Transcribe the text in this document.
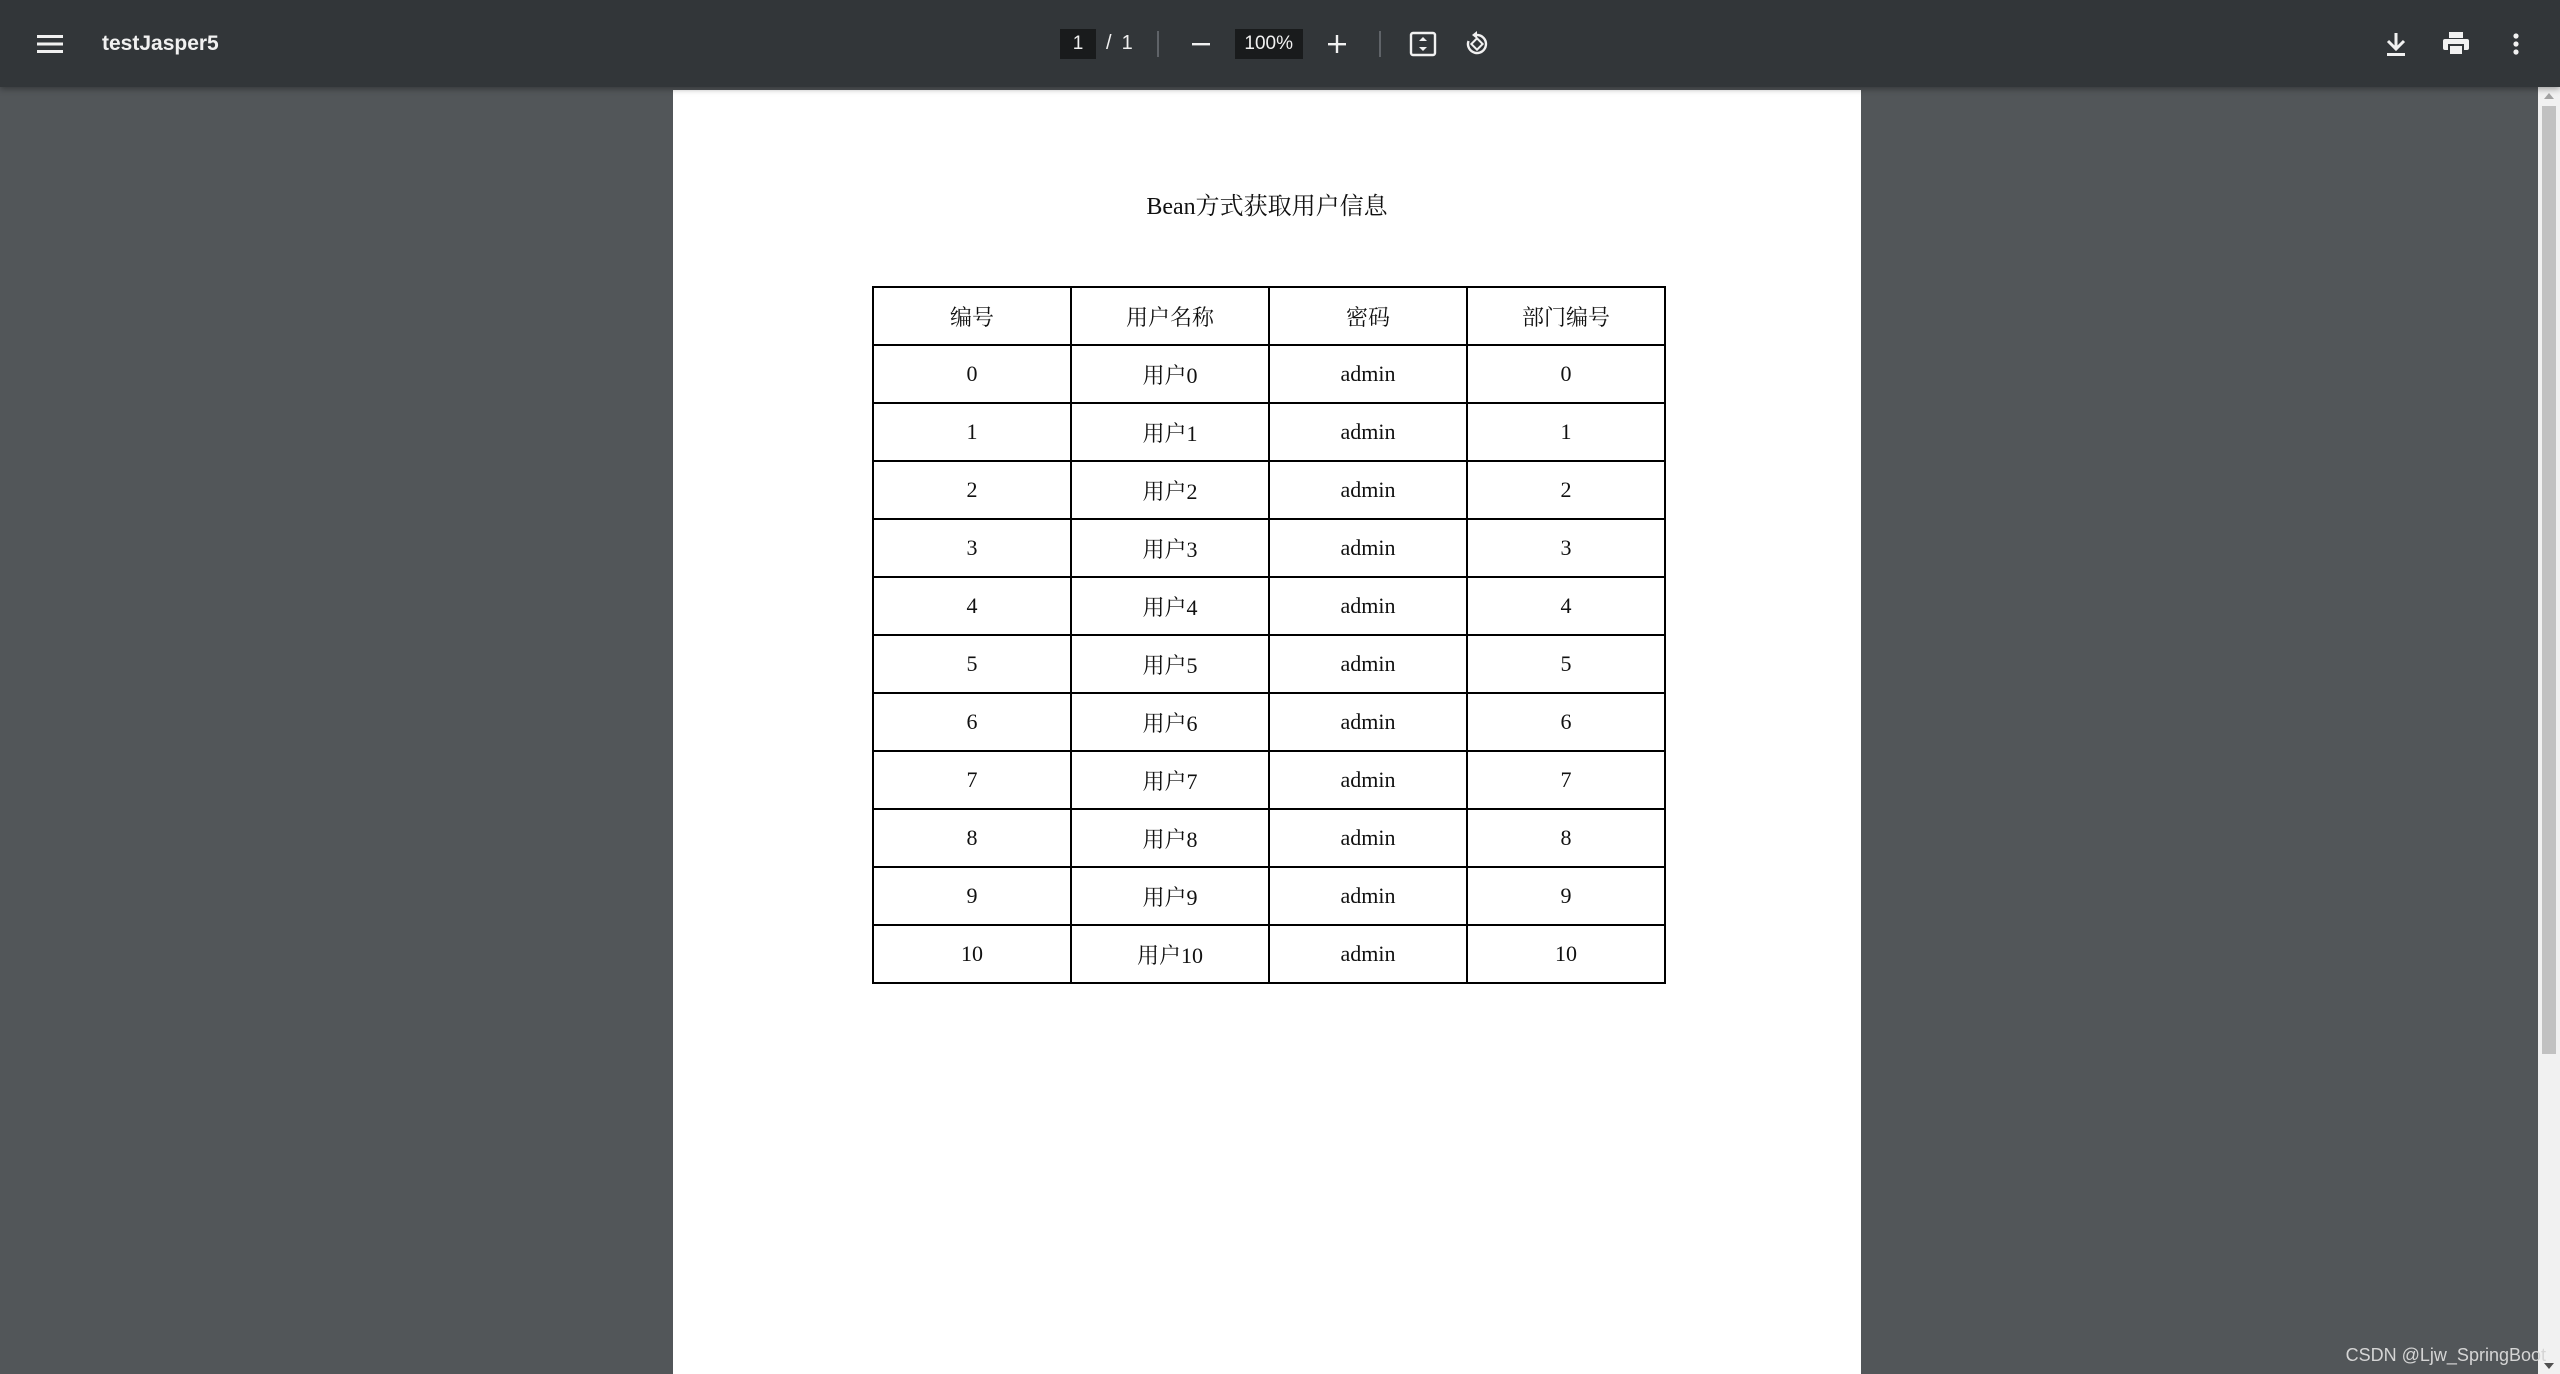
testJasper5
1	/ 1
100%
Bean方式获取用户信息
编号	用户名称	密码	部门编号
0	用户0	admin	0
1	用户1	admin	1
2	用户2	admin	2
3	用户3	admin	3
4	用户4	admin	4
5	用户5	admin	5
6	用户6	admin	6
7	用户7	admin	7
8	用户8	admin	8
9	用户9	admin	9
10	用户10	admin	10
CSDN @Ljw_SpringBoot
